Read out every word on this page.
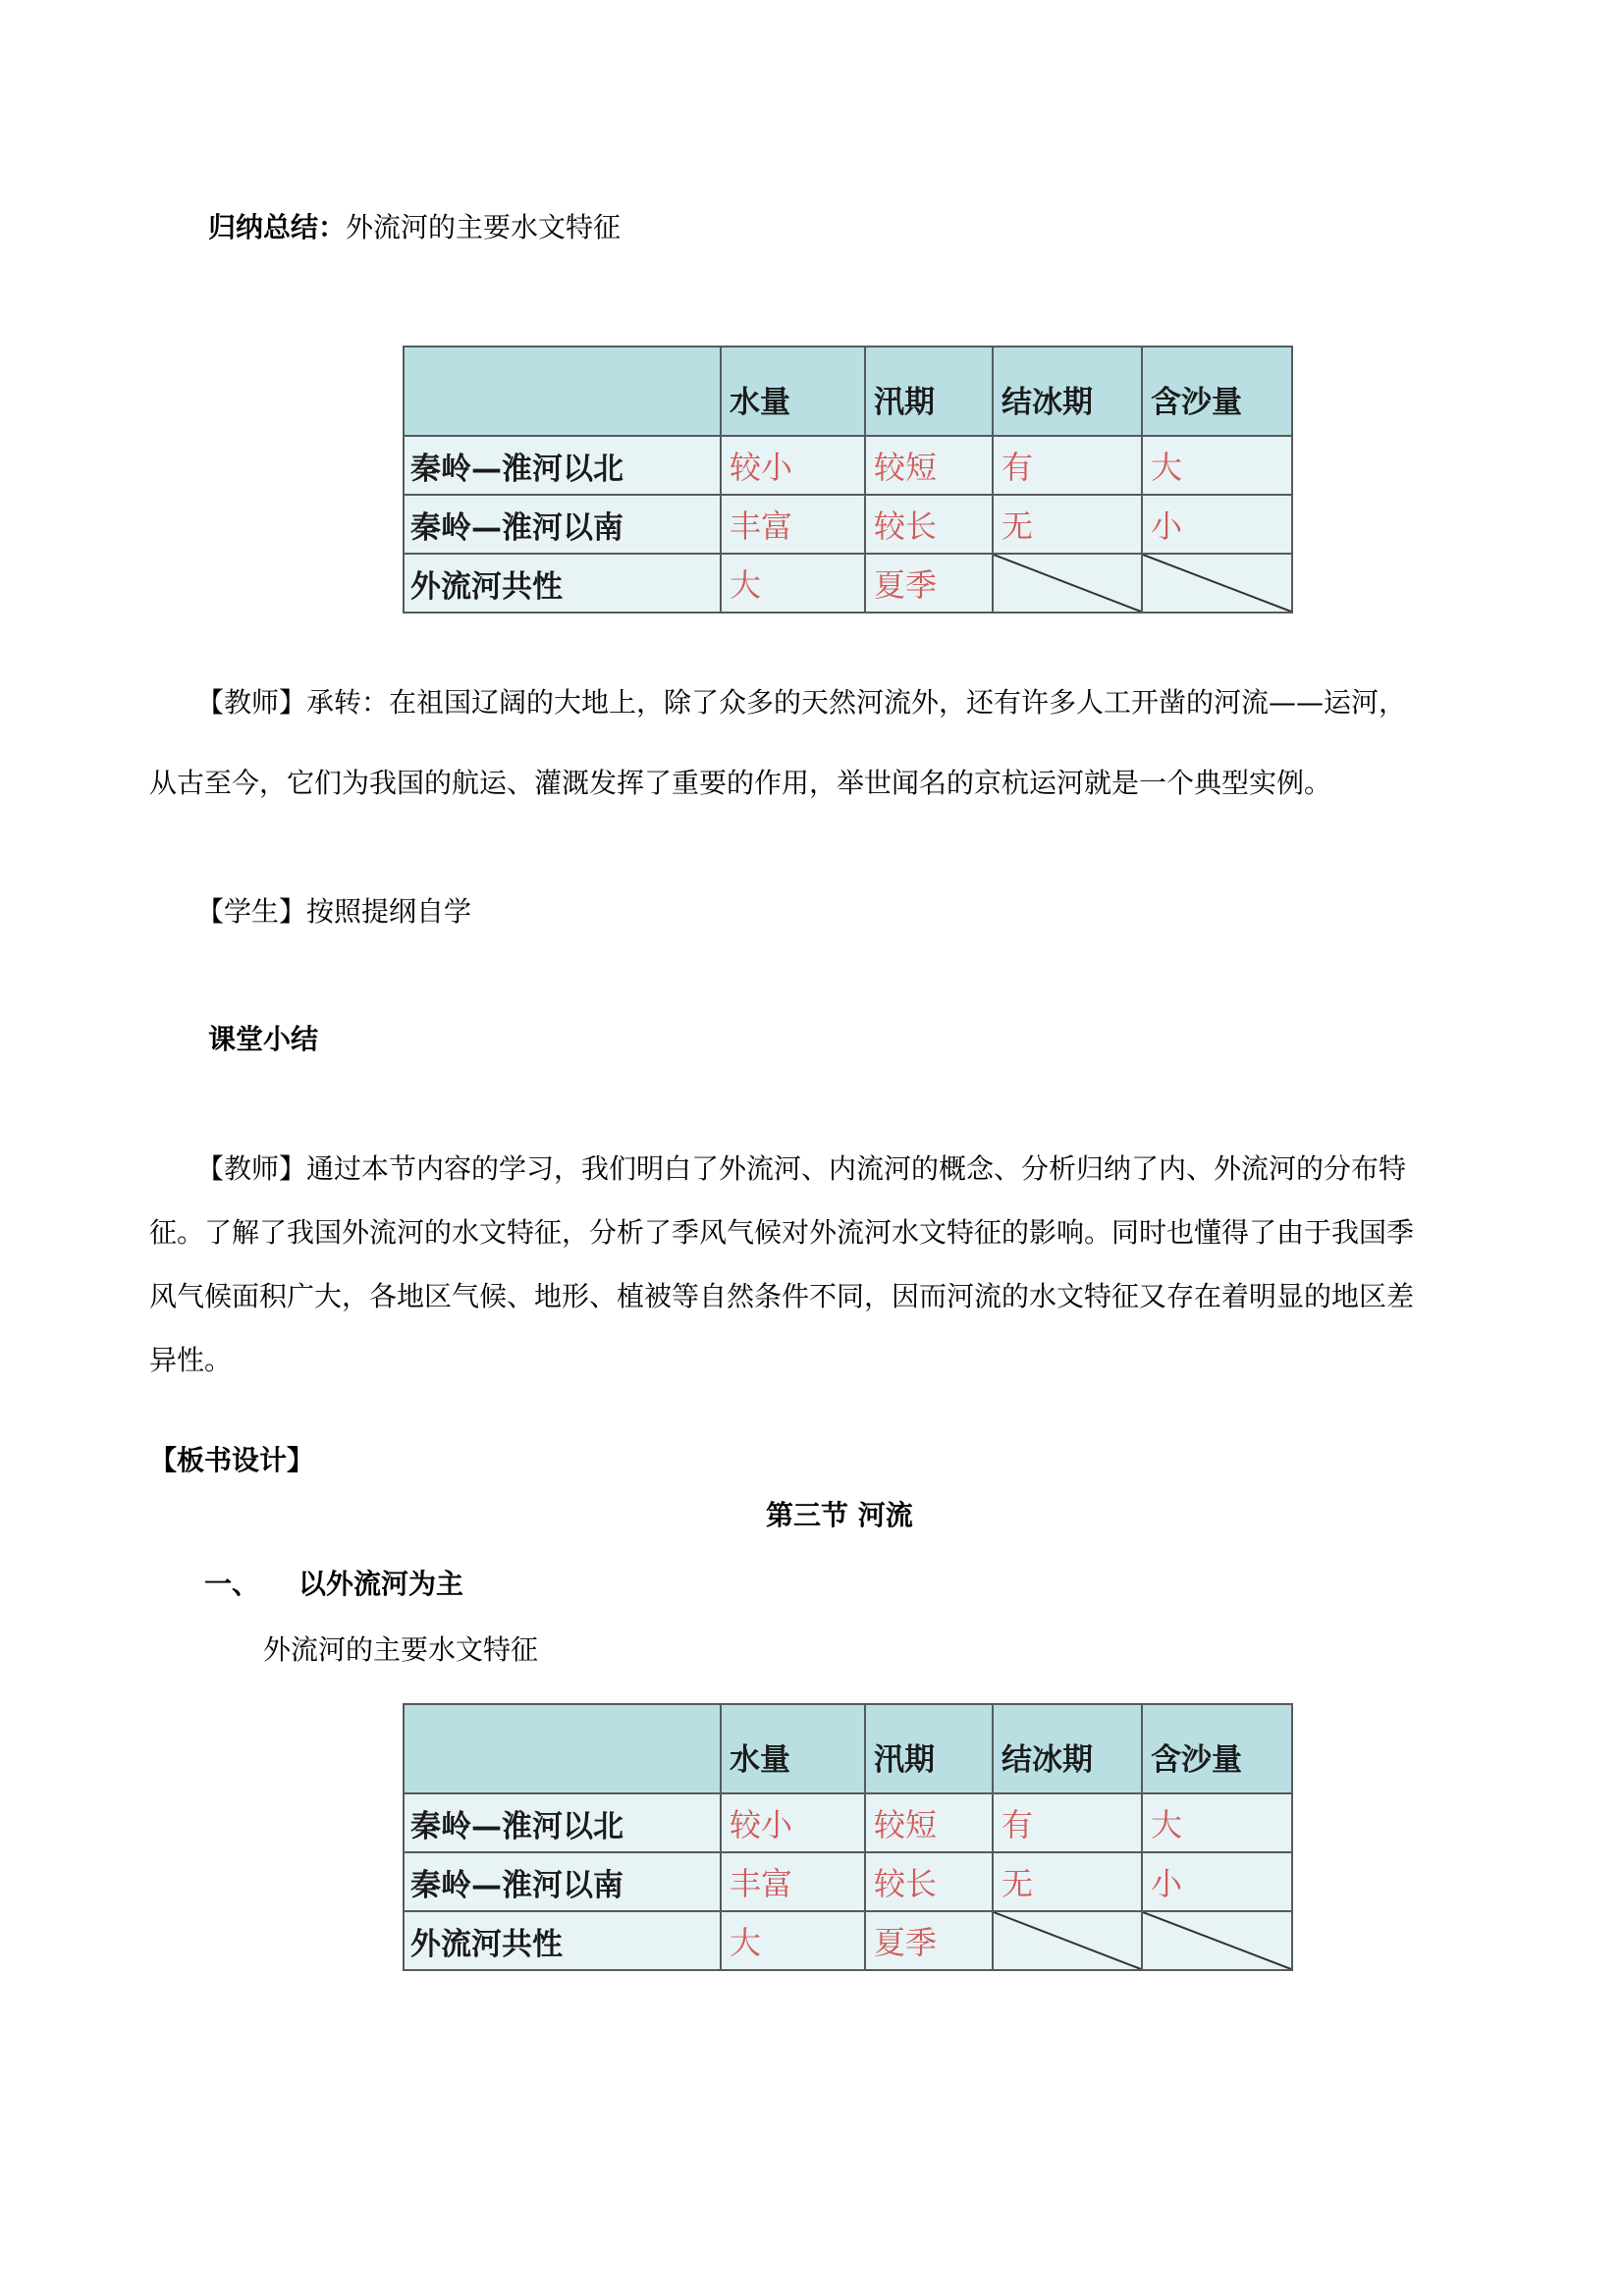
归纳总结：外流河的主要水文特征
	水量	汛期	结冰期	含沙量
秦岭—淮河以北	较小	较短	有	大
秦岭—淮河以南	丰富	较长	无	小
外流河共性	大	夏季	

【教师】承转：在祖国辽阔的大地上，除了众多的天然河流外，还有许多人工开凿的河流——运河，
从古至今，它们为我国的航运、灌溉发挥了重要的作用，举世闻名的京杭运河就是一个典型实例。
【学生】按照提纲自学
课堂小结
【教师】通过本节内容的学习，我们明白了外流河、内流河的概念、分析归纳了内、外流河的分布特
征。了解了我国外流河的水文特征，分析了季风气候对外流河水文特征的影响。同时也懂得了由于我国季
风气候面积广大，各地区气候、地形、植被等自然条件不同，因而河流的水文特征又存在着明显的地区差
异性。
【板书设计】
第三节 河流
一、 以外流河为主
外流河的主要水文特征
	水量	汛期	结冰期	含沙量
秦岭—淮河以北	较小	较短	有	大
秦岭—淮河以南	丰富	较长	无	小
外流河共性	大	夏季	
